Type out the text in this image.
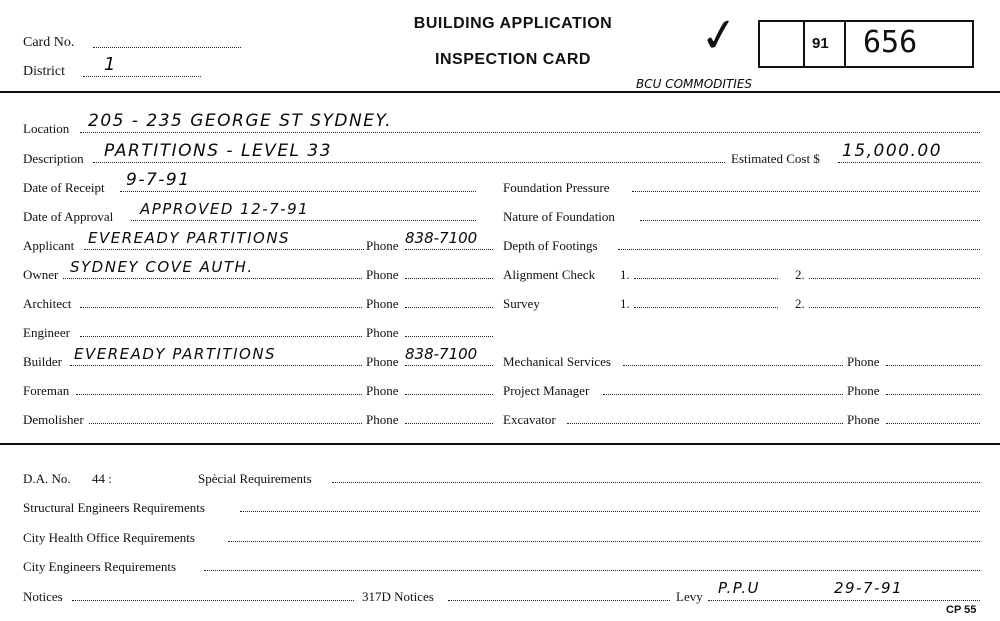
Card No.
District 1
BUILDING APPLICATION
INSPECTION CARD	✓	91 656
BCU COMMODITIES
Location 205 - 235 GEORGE ST SYDNEY.
Description PARTITIONS - LEVEL 33	Estimated Cost $ 15,000.00
Date of Receipt 9-7-91
Date of Approval APPROVED 12-7-91
Applicant EVEREADY PARTITIONS	Phone 838-7100
Owner SYDNEY COVE AUTH.	Phone
Architect	Phone
Engineer	Phone
Builder EVEREADY PARTITIONS	Phone 838-7100
Foreman	Phone
Demolisher	Phone
Foundation Pressure
Nature of Foundation
Depth of Footings
Alignment Check 1.	2.
Survey	1.	2.
Mechanical Services	Phone
Project Manager	Phone
Excavator	Phone
D.A. No. 44 :	Spècial Requirements
Structural Engineers Requirements
City Health Office Requirements
City Engineers Requirements
Notices	317D Notices	Levy P.P.U	29-7-91
CP 55
